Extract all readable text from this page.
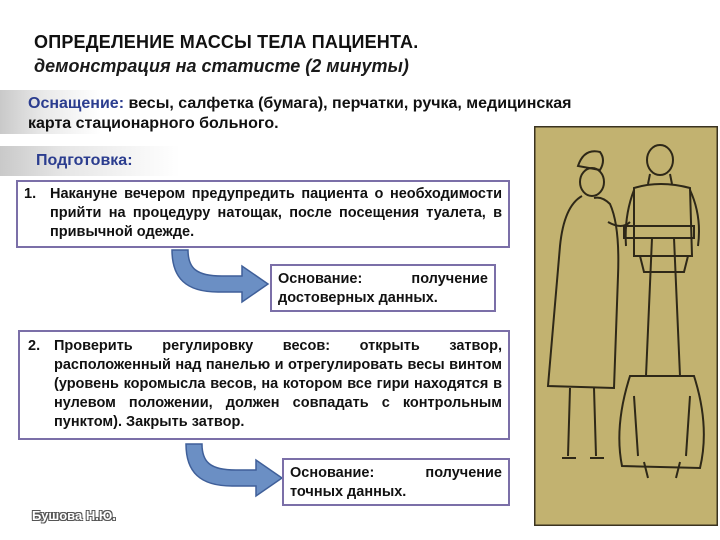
ОПРЕДЕЛЕНИЕ МАССЫ ТЕЛА ПАЦИЕНТА.
демонстрация на статисте (2 минуты)
Оснащение: весы, салфетка (бумага), перчатки, ручка, медицинская карта стационарного больного.
Подготовка:
1. Накануне вечером предупредить пациента о необходимости прийти на процедуру натощак, после посещения туалета, в привычной одежде.
Основание: получение достоверных данных.
2. Проверить регулировку весов: открыть затвор, расположенный над панелью и отрегулировать весы винтом (уровень коромысла весов, на котором все гири находятся в нулевом положении, должен совпадать с контрольным пунктом). Закрыть затвор.
Основание: получение точных данных.
Бушова Н.Ю.
